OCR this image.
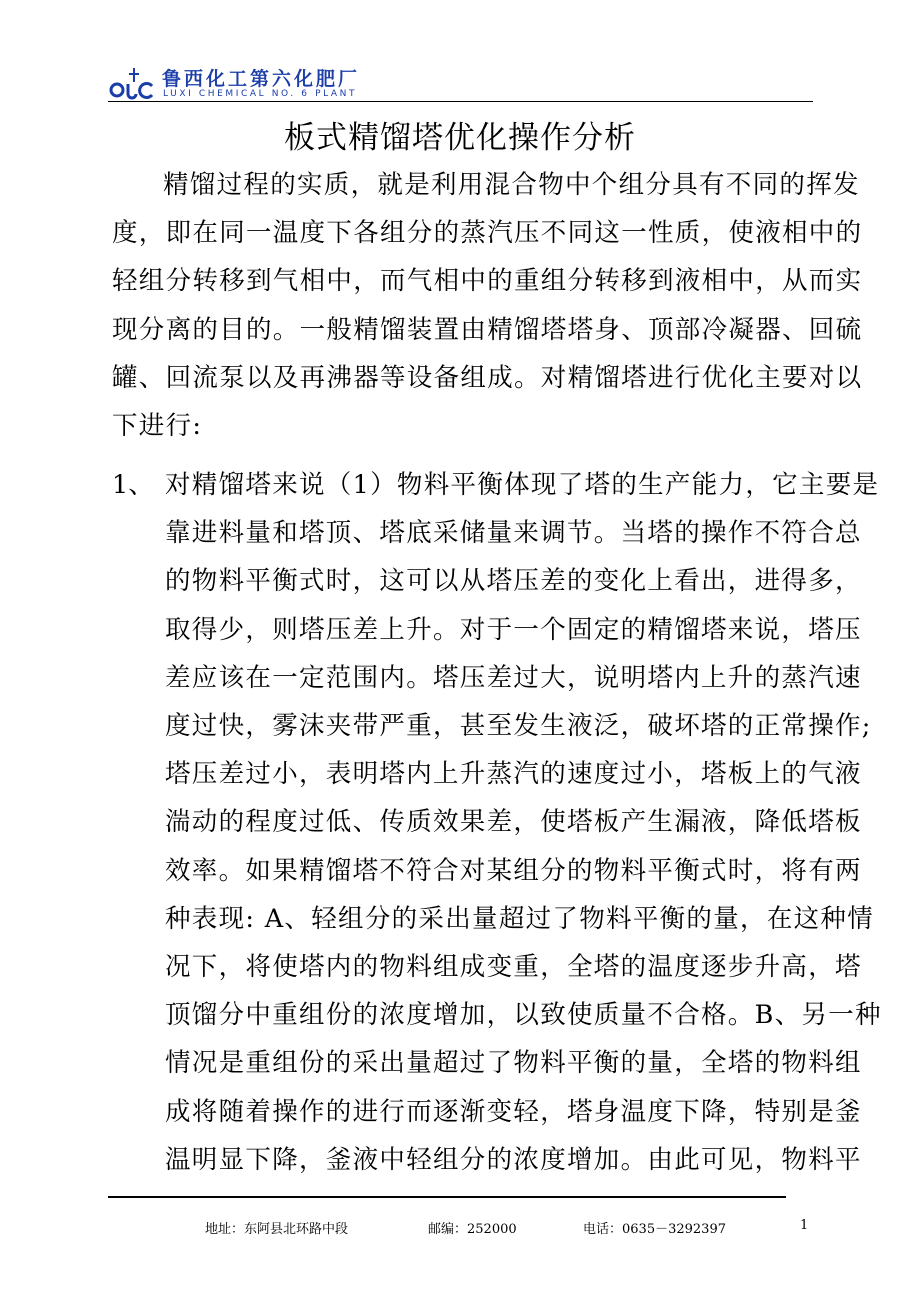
鲁西化工第六化肥厂
LUXI CHEMICAL NO. 6 PLANT
板式精馏塔优化操作分析
精馏过程的实质，就是利用混合物中个组分具有不同的挥发
度，即在同一温度下各组分的蒸汽压不同这一性质，使液相中的
轻组分转移到气相中，而气相中的重组分转移到液相中，从而实
现分离的目的。一般精馏装置由精馏塔塔身、顶部冷凝器、回硫
罐、回流泵以及再沸器等设备组成。对精馏塔进行优化主要对以
下进行:
1、 对精馏塔来说（1）物料平衡体现了塔的生产能力，它主要是
靠进料量和塔顶、塔底采储量来调节。当塔的操作不符合总
的物料平衡式时，这可以从塔压差的变化上看出，进得多，
取得少，则塔压差上升。对于一个固定的精馏塔来说，塔压
差应该在一定范围内。塔压差过大，说明塔内上升的蒸汽速
度过快，雾沫夹带严重，甚至发生液泛，破坏塔的正常操作;
塔压差过小，表明塔内上升蒸汽的速度过小，塔板上的气液
湍动的程度过低、传质效果差，使塔板产生漏液，降低塔板
效率。如果精馏塔不符合对某组分的物料平衡式时，将有两
种表现: A、轻组分的采出量超过了物料平衡的量，在这种情
况下，将使塔内的物料组成变重，全塔的温度逐步升高，塔
顶馏分中重组份的浓度增加，以致使质量不合格。B、另一种
情况是重组份的采出量超过了物料平衡的量，全塔的物料组
成将随着操作的进行而逐渐变轻，塔身温度下降，特别是釜
温明显下降，釜液中轻组分的浓度增加。由此可见，物料平
地址：东阿县北环路中段	邮编：252000	电话：0635－3292397	1
